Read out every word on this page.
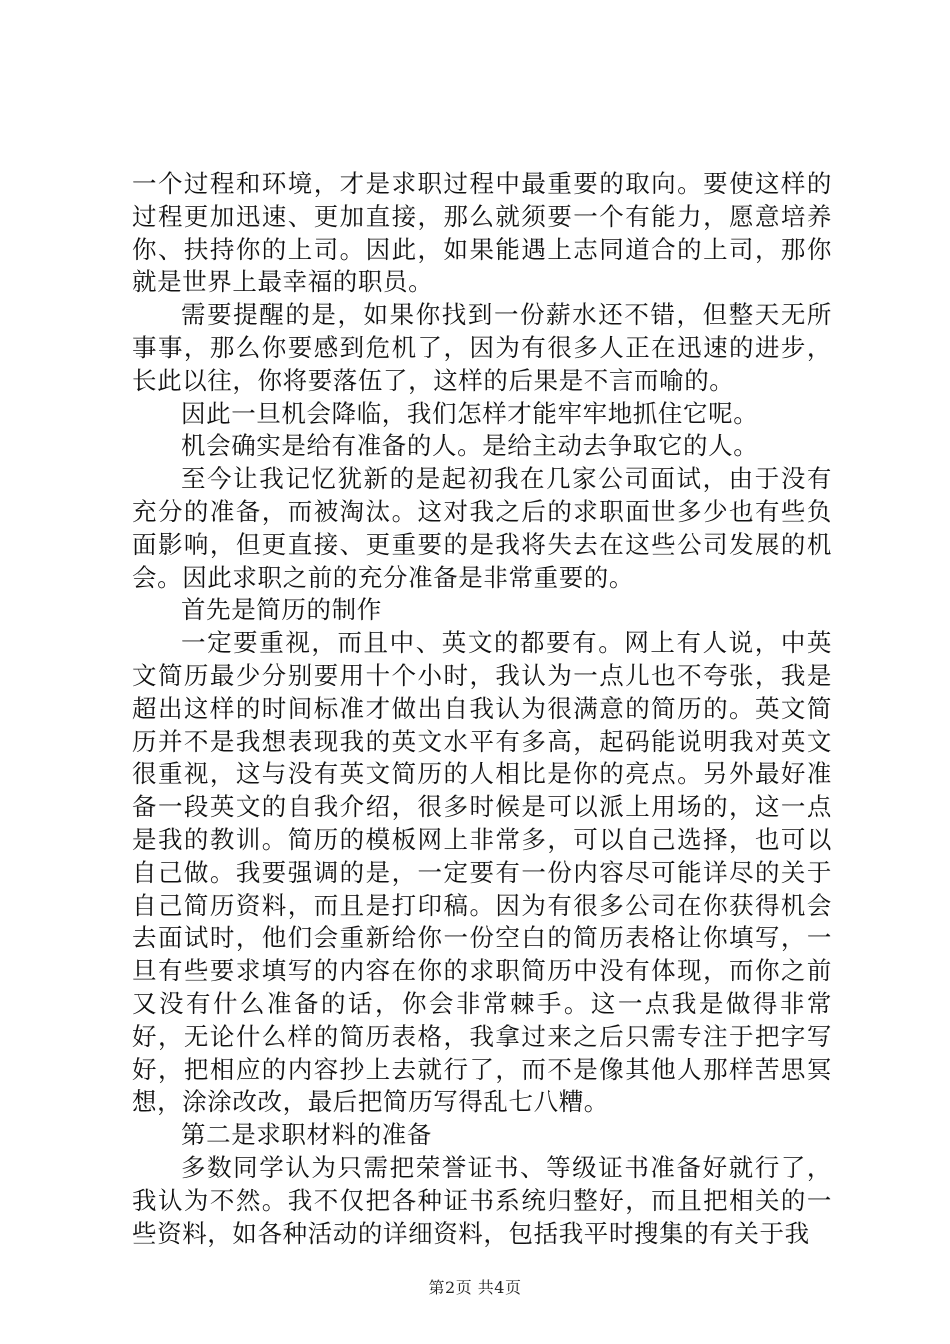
一个过程和环境，才是求职过程中最重要的取向。要使这样的过程更加迅速、更加直接，那么就须要一个有能力，愿意培养你、扶持你的上司。因此，如果能遇上志同道合的上司，那你就是世界上最幸福的职员。

需要提醒的是，如果你找到一份薪水还不错，但整天无所事事，那么你要感到危机了，因为有很多人正在迅速的进步，长此以往，你将要落伍了，这样的后果是不言而喻的。

因此一旦机会降临，我们怎样才能牢牢地抓住它呢。

机会确实是给有准备的人。是给主动去争取它的人。

至今让我记忆犹新的是起初我在几家公司面试，由于没有充分的准备，而被淘汰。这对我之后的求职面世多少也有些负面影响，但更直接、更重要的是我将失去在这些公司发展的机会。因此求职之前的充分准备是非常重要的。

首先是简历的制作

一定要重视，而且中、英文的都要有。网上有人说，中英文简历最少分别要用十个小时，我认为一点儿也不夸张，我是超出这样的时间标准才做出自我认为很满意的简历的。英文简历并不是我想表现我的英文水平有多高，起码能说明我对英文很重视，这与没有英文简历的人相比是你的亮点。另外最好准备一段英文的自我介绍，很多时候是可以派上用场的，这一点是我的教训。简历的模板网上非常多，可以自己选择，也可以自己做。我要强调的是，一定要有一份内容尽可能详尽的关于自己简历资料，而且是打印稿。因为有很多公司在你获得机会去面试时，他们会重新给你一份空白的简历表格让你填写，一旦有些要求填写的内容在你的求职简历中没有体现，而你之前又没有什么准备的话，你会非常棘手。这一点我是做得非常好，无论什么样的简历表格，我拿过来之后只需专注于把字写好，把相应的内容抄上去就行了，而不是像其他人那样苦思冥想，涂涂改改，最后把简历写得乱七八糟。

第二是求职材料的准备

多数同学认为只需把荣誉证书、等级证书准备好就行了，我认为不然。我不仅把各种证书系统归整好，而且把相关的一些资料，如各种活动的详细资料，包括我平时搜集的有关于我

第2页 共4页
